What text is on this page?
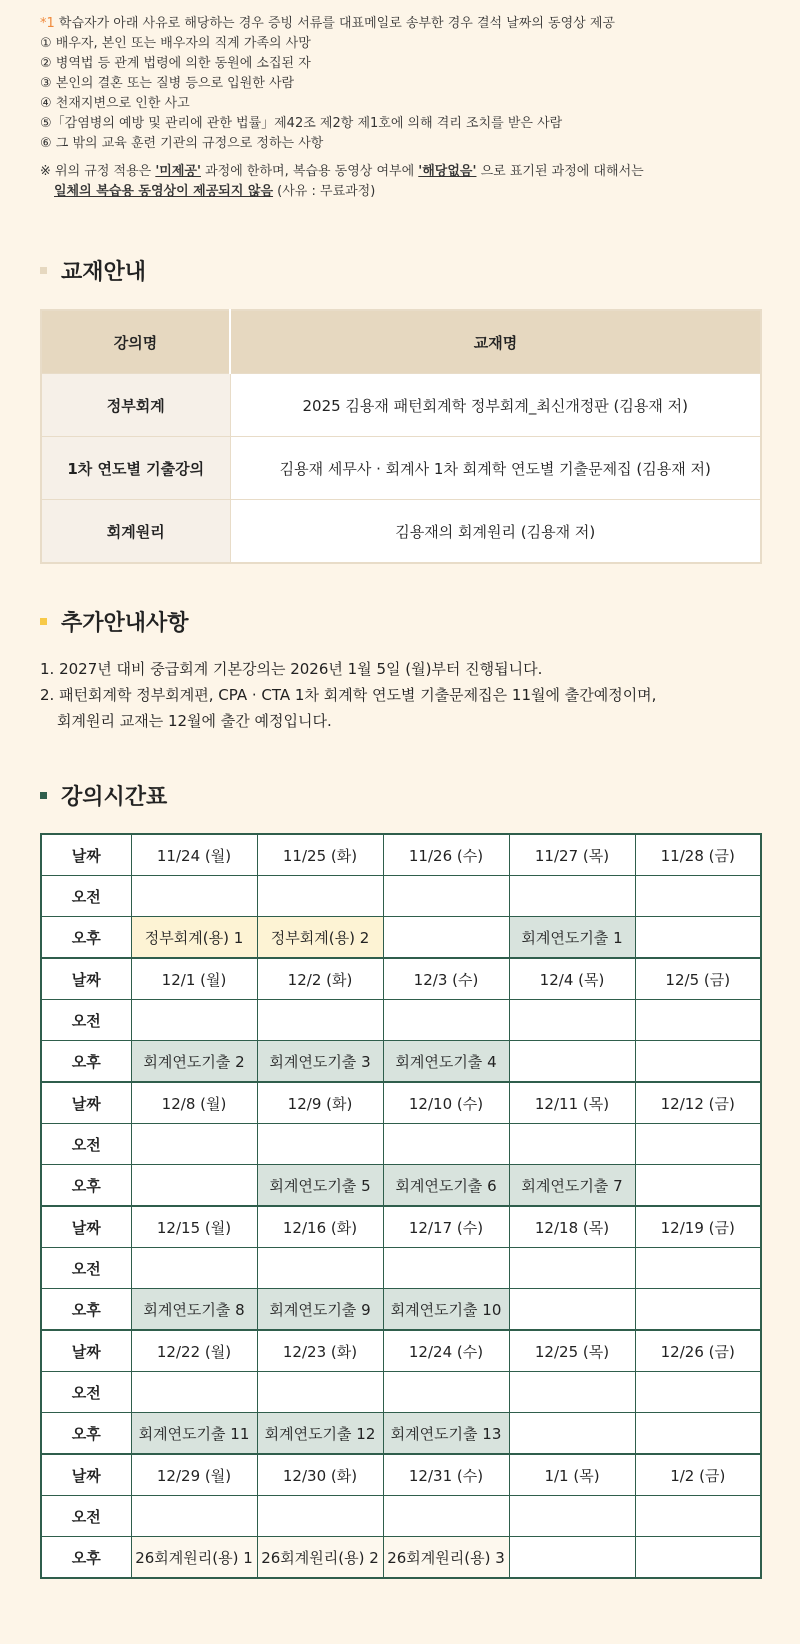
*1 학습자가 아래 사유로 해당하는 경우 증빙 서류를 대표메일로 송부한 경우 결석 날짜의 동영상 제공
① 배우자, 본인 또는 배우자의 직계 가족의 사망
② 병역법 등 관계 법령에 의한 동원에 소집된 자
③ 본인의 결혼 또는 질병 등으로 입원한 사람
④ 천재지변으로 인한 사고
⑤「감염병의 예방 및 관리에 관한 법률」제42조 제2항 제1호에 의해 격리 조치를 받은 사람
⑥ 그 밖의 교육 훈련 기관의 규정으로 정하는 사항
※ 위의 규정 적용은 '미제공' 과정에 한하며, 복습용 동영상 여부에 '해당없음' 으로 표기된 과정에 대해서는
일체의 복습용 동영상이 제공되지 않음 (사유 : 무료과정)
교재안내
강의명	교재명
정부회계	2025 김용재 패턴회계학 정부회계_최신개정판 (김용재 저)
1차 연도별 기출강의	김용재 세무사 · 회계사 1차 회계학 연도별 기출문제집 (김용재 저)
회계원리	김용재의 회계원리 (김용재 저)
추가안내사항
1. 2027년 대비 중급회계 기본강의는 2026년 1월 5일 (월)부터 진행됩니다.
2. 패턴회계학 정부회계편, CPA · CTA 1차 회계학 연도별 기출문제집은 11월에 출간예정이며,
회계원리 교재는 12월에 출간 예정입니다.
강의시간표
날짜	11/24 (월)	11/25 (화)	11/26 (수)	11/27 (목)	11/28 (금)
오전					
오후	정부회계(용) 1	정부회계(용) 2		회계연도기출 1	
날짜	12/1 (월)	12/2 (화)	12/3 (수)	12/4 (목)	12/5 (금)
오전					
오후	회계연도기출 2	회계연도기출 3	회계연도기출 4		
날짜	12/8 (월)	12/9 (화)	12/10 (수)	12/11 (목)	12/12 (금)
오전					
오후		회계연도기출 5	회계연도기출 6	회계연도기출 7	
날짜	12/15 (월)	12/16 (화)	12/17 (수)	12/18 (목)	12/19 (금)
오전					
오후	회계연도기출 8	회계연도기출 9	회계연도기출 10		
날짜	12/22 (월)	12/23 (화)	12/24 (수)	12/25 (목)	12/26 (금)
오전					
오후	회계연도기출 11	회계연도기출 12	회계연도기출 13		
날짜	12/29 (월)	12/30 (화)	12/31 (수)	1/1 (목)	1/2 (금)
오전					
오후	26회계원리(용) 1	26회계원리(용) 2	26회계원리(용) 3		
